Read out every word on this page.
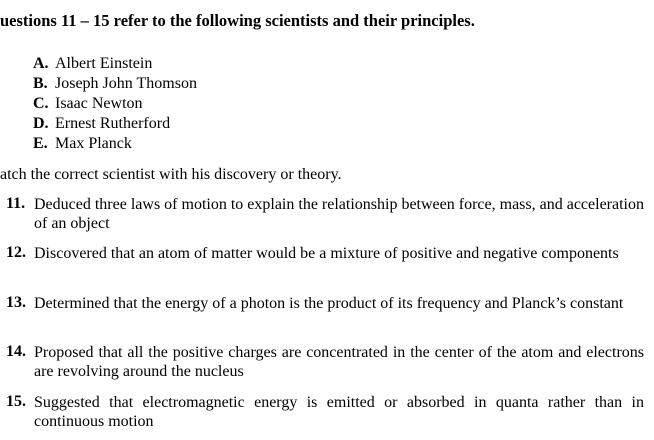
uestions 11 – 15 refer to the following scientists and their principles.
A. Albert Einstein
B. Joseph John Thomson
C. Isaac Newton
D. Ernest Rutherford
E. Max Planck
atch the correct scientist with his discovery or theory.
11. Deduced three laws of motion to explain the relationship between force, mass, and acceleration of an object
12. Discovered that an atom of matter would be a mixture of positive and negative components
13. Determined that the energy of a photon is the product of its frequency and Planck’s constant
14. Proposed that all the positive charges are concentrated in the center of the atom and electrons are revolving around the nucleus
15. Suggested that electromagnetic energy is emitted or absorbed in quanta rather than in continuous motion
